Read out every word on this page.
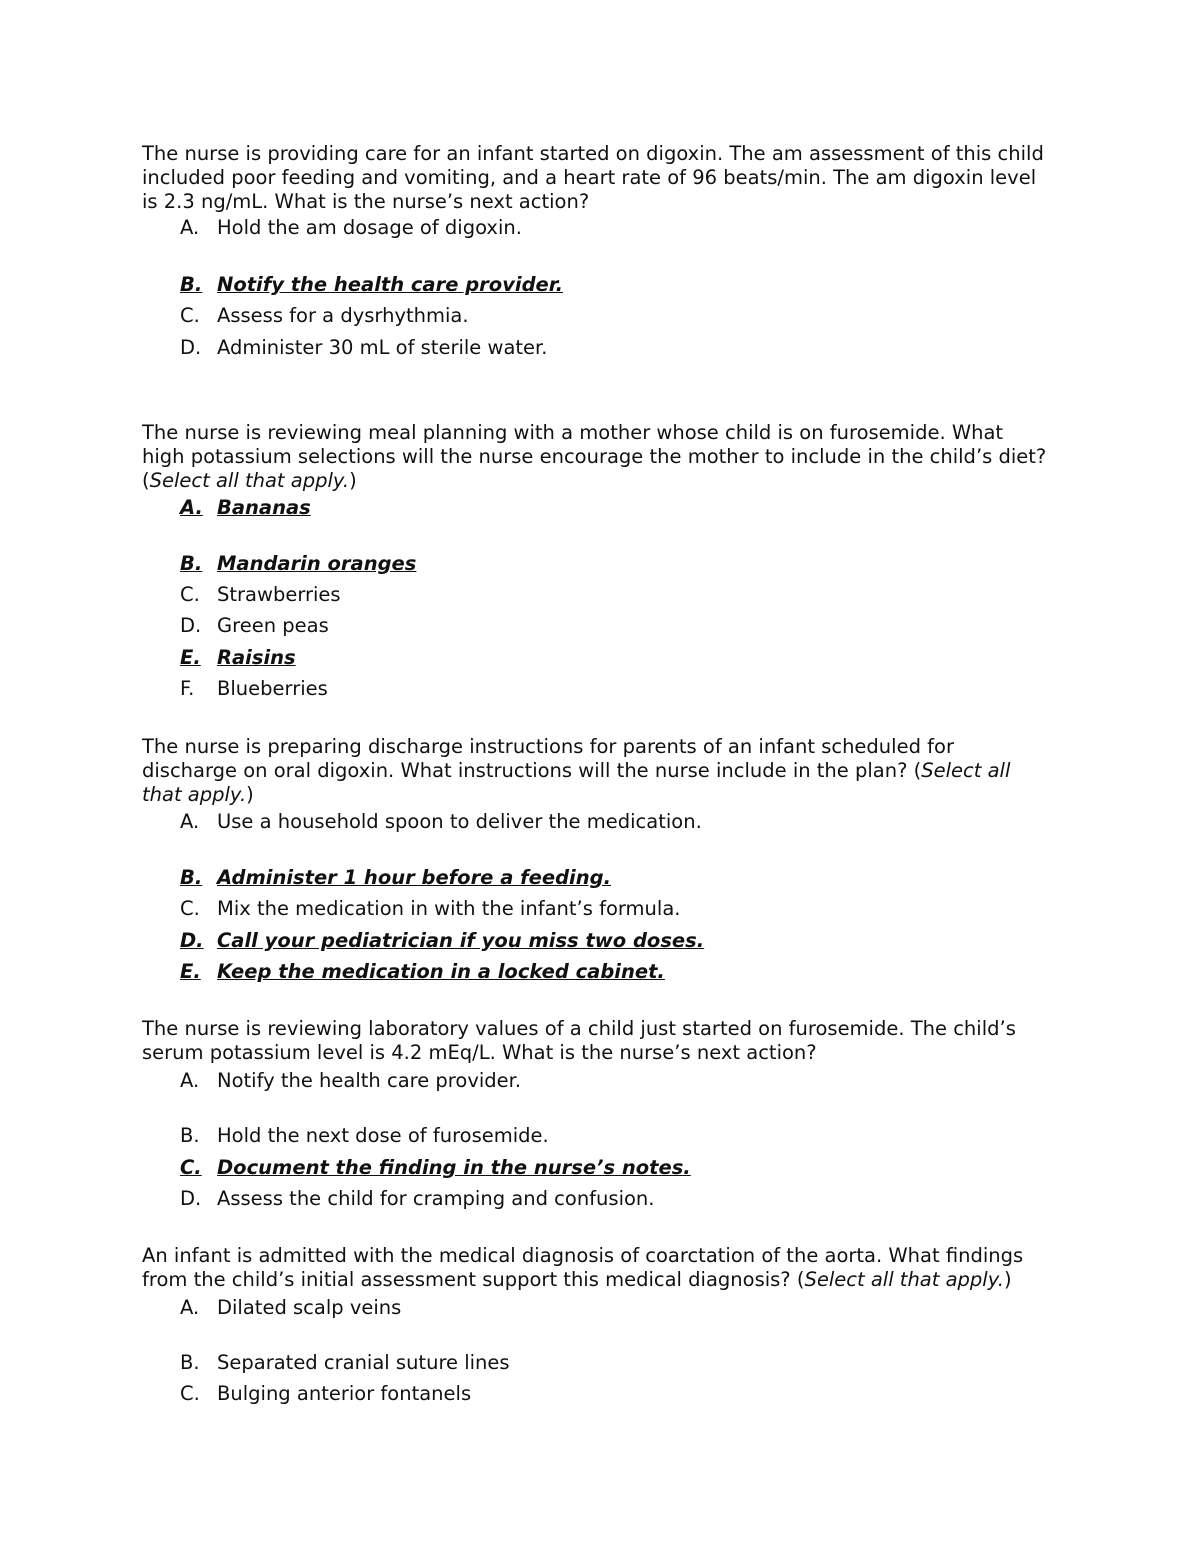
The nurse is providing care for an infant started on digoxin. The am assessment of this child
included poor feeding and vomiting, and a heart rate of 96 beats/min. The am digoxin level
is 2.3 ng/mL. What is the nurse’s next action?
A. Hold the am dosage of digoxin.
B. Notify the health care provider.
C. Assess for a dysrhythmia.
D. Administer 30 mL of sterile water.
The nurse is reviewing meal planning with a mother whose child is on furosemide. What
high potassium selections will the nurse encourage the mother to include in the child’s diet?
(Select all that apply.)
A. Bananas
B. Mandarin oranges
C. Strawberries
D. Green peas
E. Raisins
F. Blueberries
The nurse is preparing discharge instructions for parents of an infant scheduled for
discharge on oral digoxin. What instructions will the nurse include in the plan? (Select all
that apply.)
A. Use a household spoon to deliver the medication.
B. Administer 1 hour before a feeding.
C. Mix the medication in with the infant’s formula.
D. Call your pediatrician if you miss two doses.
E. Keep the medication in a locked cabinet.
The nurse is reviewing laboratory values of a child just started on furosemide. The child’s
serum potassium level is 4.2 mEq/L. What is the nurse’s next action?
A. Notify the health care provider.
B. Hold the next dose of furosemide.
C. Document the finding in the nurse’s notes.
D. Assess the child for cramping and confusion.
An infant is admitted with the medical diagnosis of coarctation of the aorta. What findings
from the child’s initial assessment support this medical diagnosis? (Select all that apply.)
A. Dilated scalp veins
B. Separated cranial suture lines
C. Bulging anterior fontanels
